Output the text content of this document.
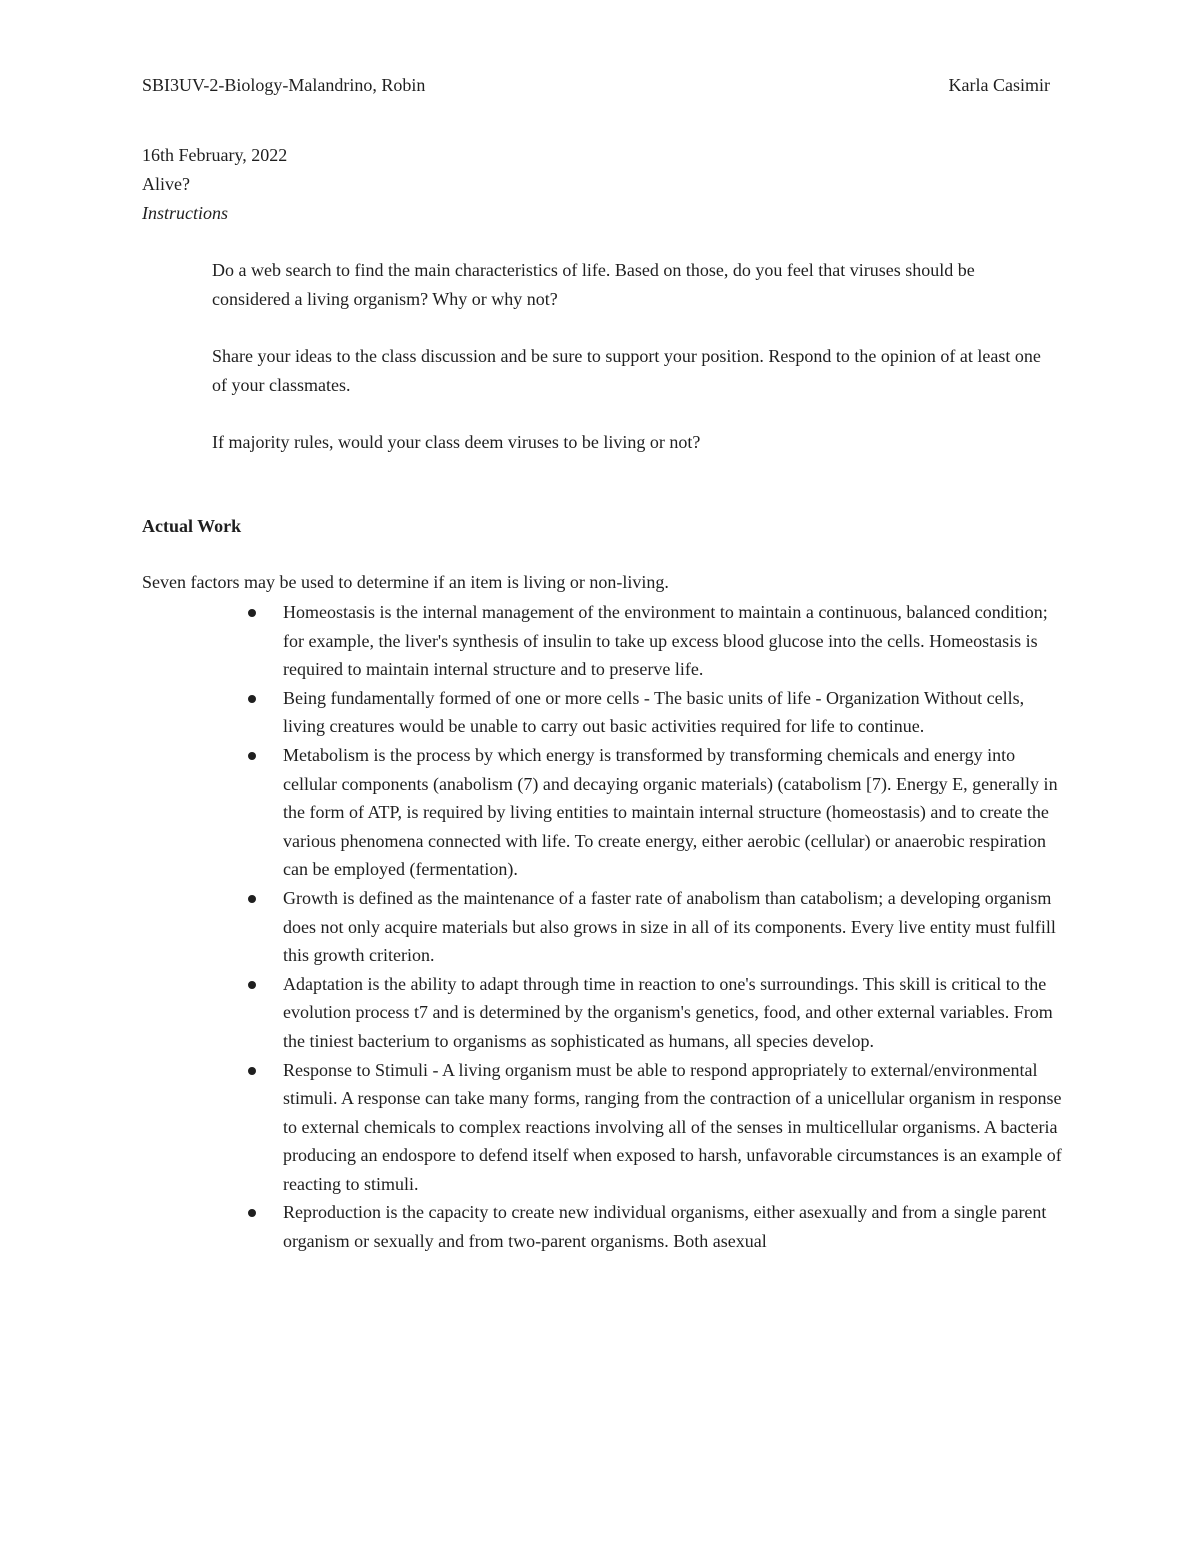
SBI3UV-2-Biology-Malandrino, Robin	Karla Casimir
16th February, 2022
Alive?
Instructions

Do a web search to find the main characteristics of life. Based on those, do you feel that viruses should be considered a living organism? Why or why not?

Share your ideas to the class discussion and be sure to support your position. Respond to the opinion of at least one of your classmates.

If majority rules, would your class deem viruses to be living or not?

Actual Work

Seven factors may be used to determine if an item is living or non-living.

Homeostasis is the internal management of the environment to maintain a continuous, balanced condition; for example, the liver's synthesis of insulin to take up excess blood glucose into the cells. Homeostasis is required to maintain internal structure and to preserve life.
Being fundamentally formed of one or more cells - The basic units of life - Organization Without cells, living creatures would be unable to carry out basic activities required for life to continue.
Metabolism is the process by which energy is transformed by transforming chemicals and energy into cellular components (anabolism (7) and decaying organic materials) (catabolism [7). Energy E, generally in the form of ATP, is required by living entities to maintain internal structure (homeostasis) and to create the various phenomena connected with life. To create energy, either aerobic (cellular) or anaerobic respiration can be employed (fermentation).
Growth is defined as the maintenance of a faster rate of anabolism than catabolism; a developing organism does not only acquire materials but also grows in size in all of its components. Every live entity must fulfill this growth criterion.
Adaptation is the ability to adapt through time in reaction to one's surroundings. This skill is critical to the evolution process t7 and is determined by the organism's genetics, food, and other external variables. From the tiniest bacterium to organisms as sophisticated as humans, all species develop.
Response to Stimuli - A living organism must be able to respond appropriately to external/environmental stimuli. A response can take many forms, ranging from the contraction of a unicellular organism in response to external chemicals to complex reactions involving all of the senses in multicellular organisms. A bacteria producing an endospore to defend itself when exposed to harsh, unfavorable circumstances is an example of reacting to stimuli.
Reproduction is the capacity to create new individual organisms, either asexually and from a single parent organism or sexually and from two-parent organisms. Both asexual
